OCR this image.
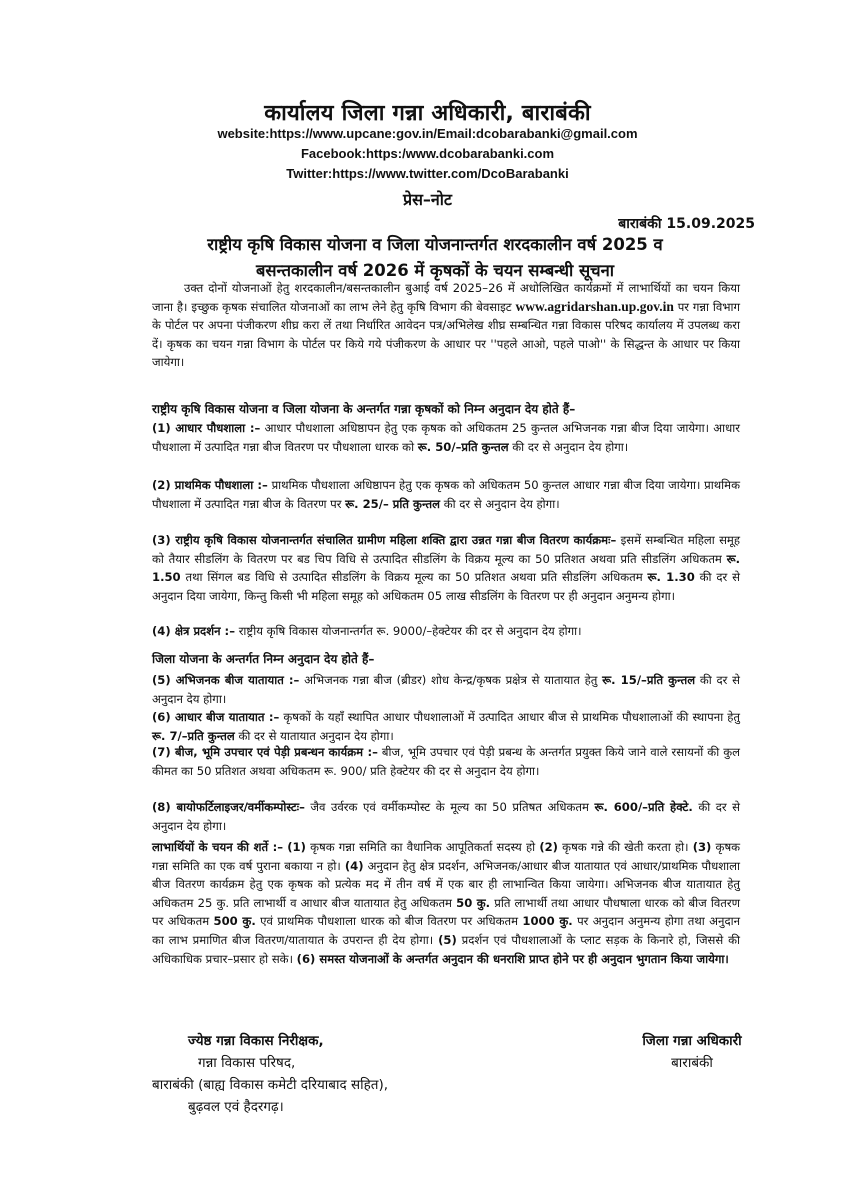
कार्यालय जिला गन्ना अधिकारी, बाराबंकी
website:https://www.upcane:gov.in/Email:dcobarabanki@gmail.com
Facebook:https:/www.dcobarabanki.com
Twitter:https://www.twitter.com/DcoBarabanki
प्रेस–नोट
बाराबंकी 15.09.2025
राष्ट्रीय कृषि विकास योजना व जिला योजनान्तर्गत शरदकालीन वर्ष 2025 व
बसन्तकालीन वर्ष 2026 में कृषकों के चयन सम्बन्धी सूचना

उक्त दोनों योजनाओं हेतु शरदकालीन/बसन्तकालीन बुआई वर्ष 2025–26 में अधोलिखित कार्यक्रमों में लाभार्थियों का चयन किया जाना है। इच्छुक कृषक संचालित योजनाओं का लाभ लेने हेतु कृषि विभाग की बेवसाइट www.agridarshan.up.gov.in पर गन्ना विभाग के पोर्टल पर अपना पंजीकरण शीघ्र करा लें तथा निर्धारित आवेदन पत्र/अभिलेख शीघ्र सम्बन्धित गन्ना विकास परिषद कार्यालय में उपलब्ध करा दें। कृषक का चयन गन्ना विभाग के पोर्टल पर किये गये पंजीकरण के आधार पर ''पहले आओ, पहले पाओ'' के सिद्धन्त के आधार पर किया जायेगा।

राष्ट्रीय कृषि विकास योजना व जिला योजना के अन्तर्गत गन्ना कृषकों को निम्न अनुदान देय होते हैं–

(1) आधार पौधशाला :– आधार पौधशाला अधिष्ठापन हेतु एक कृषक को अधिकतम 25 कुन्तल अभिजनक गन्ना बीज दिया जायेगा। आधार पौधशाला में उत्पादित गन्ना बीज वितरण पर पौधशाला धारक को रू. 50/–प्रति कुन्तल की दर से अनुदान देय होगा।

(2) प्राथमिक पौधशाला :– प्राथमिक पौधशाला अधिष्ठापन हेतु एक कृषक को अधिकतम 50 कुन्तल आधार गन्ना बीज दिया जायेगा। प्राथमिक पौधशाला में उत्पादित गन्ना बीज के वितरण पर रू. 25/– प्रति कुन्तल की दर से अनुदान देय होगा।

(3) राष्ट्रीय कृषि विकास योजनान्तर्गत संचालित ग्रामीण महिला शक्ति द्वारा उन्नत गन्ना बीज वितरण कार्यक्रमः– इसमें सम्बन्धित महिला समूह को तैयार सीडलिंग के वितरण पर बड चिप विधि से उत्पादित सीडलिंग के विक्रय मूल्य का 50 प्रतिशत अथवा प्रति सीडलिंग अधिकतम रू. 1.50 तथा सिंगल बड विधि से उत्पादित सीडलिंग के विक्रय मूल्य का 50 प्रतिशत अथवा प्रति सीडलिंग अधिकतम रू. 1.30 की दर से अनुदान दिया जायेगा, किन्तु किसी भी महिला समूह को अधिकतम 05 लाख सीडलिंग के वितरण पर ही अनुदान अनुमन्य होगा।

(4) क्षेत्र प्रदर्शन :– राष्ट्रीय कृषि विकास योजनान्तर्गत रू. 9000/–हेक्टेयर की दर से अनुदान देय होगा।

जिला योजना के अन्तर्गत निम्न अनुदान देय होते हैं–

(5) अभिजनक बीज यातायात :– अभिजनक गन्ना बीज (ब्रीडर) शोध केन्द्र/कृषक प्रक्षेत्र से यातायात हेतु रू. 15/–प्रति कुन्तल की दर से अनुदान देय होगा।

(6) आधार बीज यातायात :– कृषकों के यहाँ स्थापित आधार पौधशालाओं में उत्पादित आधार बीज से प्राथमिक पौधशालाओं की स्थापना हेतु रू. 7/–प्रति कुन्तल की दर से यातायात अनुदान देय होगा।

(7) बीज, भूमि उपचार एवं पेड़ी प्रबन्धन कार्यक्रम :– बीज, भूमि उपचार एवं पेड़ी प्रबन्ध के अन्तर्गत प्रयुक्त किये जाने वाले रसायनों की कुल कीमत का 50 प्रतिशत अथवा अधिकतम रू. 900/ प्रति हेक्टेयर की दर से अनुदान देय होगा।

(8) बायोफर्टिलाइजर/वर्मीकम्पोस्टः– जैव उर्वरक एवं वर्मीकम्पोस्ट के मूल्य का 50 प्रतिषत अधिकतम रू. 600/–प्रति हेक्टे. की दर से अनुदान देय होगा।

लाभार्थियों के चयन की शर्ते :– (1) कृषक गन्ना समिति का वैधानिक आपूतिकर्ता सदस्य हो (2) कृषक गन्ने की खेती करता हो। (3) कृषक गन्ना समिति का एक वर्ष पुराना बकाया न हो। (4) अनुदान हेतु क्षेत्र प्रदर्शन, अभिजनक/आधार बीज यातायात एवं आधार/प्राथमिक पौधशाला बीज वितरण कार्यक्रम हेतु एक कृषक को प्रत्येक मद में तीन वर्ष में एक बार ही लाभान्वित किया जायेगा। अभिजनक बीज यातायात हेतु अधिकतम 25 कु. प्रति लाभार्थी व आधार बीज यातायात हेतु अधिकतम 50 कु. प्रति लाभार्थी तथा आधार पौधषाला धारक को बीज वितरण पर अधिकतम 500 कु. एवं प्राथमिक पौधशाला धारक को बीज वितरण पर अधिकतम 1000 कु. पर अनुदान अनुमन्य होगा तथा अनुदान का लाभ प्रमाणित बीज वितरण/यातायात के उपरान्त ही देय होगा। (5) प्रदर्शन एवं पौधशालाओं के प्लाट सड़क के किनारे हो, जिससे की अधिकाधिक प्रचार–प्रसार हो सके। (6) समस्त योजनाओं के अन्तर्गत अनुदान की धनराशि प्राप्त होने पर ही अनुदान भुगतान किया जायेगा।

ज्येष्ठ गन्ना विकास निरीक्षक,
गन्ना विकास परिषद,
बाराबंकी (बाह्य विकास कमेटी दरियाबाद सहित),
बुढ़वल एवं हैदरगढ़।
जिला गन्ना अधिकारी
बाराबंकी
